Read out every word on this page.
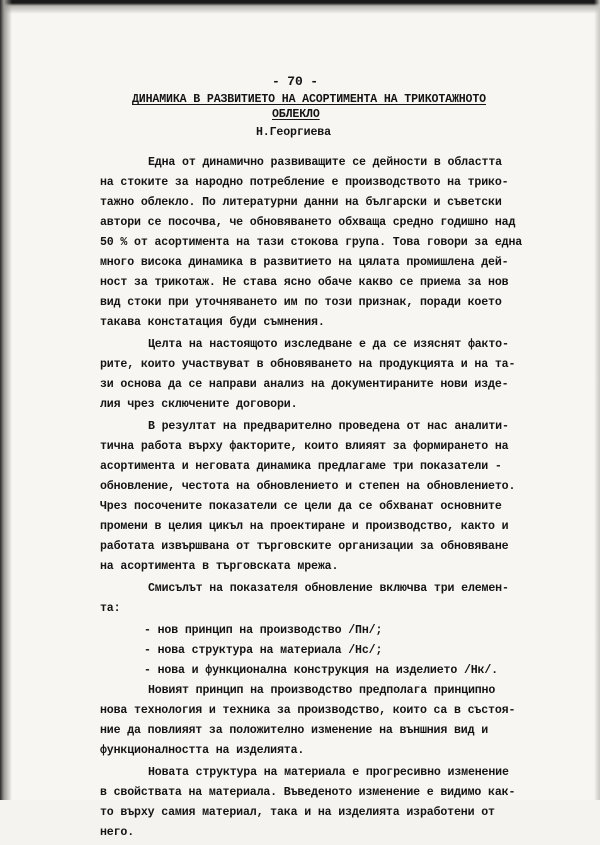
- 70 -
ДИНАМИКА В РАЗВИТИЕТО НА АСОРТИМЕНТА НА ТРИКОТАЖНОТО
ОБЛЕКЛО
Н.Георгиева
Една от динамично развиващите се дейности в областта
на стоките за народно потребление е производството на трико-
тажно облекло. По литературни данни на български и съветски
автори се посочва, че обновяването обхваща средно годишно над
50 % от асортимента на тази стокова група. Това говори за една
много висока динамика в развитието на цялата промишлена дей-
ност за трикотаж. Не става ясно обаче какво се приема за нов
вид стоки при уточняването им по този признак, поради което
такава констатация буди съмнения.
Целта на настоящото изследване е да се изяснят факто-
рите, които участвуват в обновяването на продукцията и на та-
зи основа да се направи анализ на документираните нови изде-
лия чрез сключените договори.
В резултат на предварително проведена от нас аналити-
тична работа върху факторите, които влияят за формирането на
асортимента и неговата динамика предлагаме три показатели -
обновление, честота на обновлението и степен на обновлението.
Чрез посочените показатели се цели да се обхванат основните
промени в целия цикъл на проектиране и производство, както и
работата извършвана от търговските организации за обновяване
на асортимента в търговската мрежа.
Смисълът на показателя обновление включва три елемен-
та:
- нов принцип на производство /Пн/;
- нова структура на материала /Нс/;
- нова и функционална конструкция на изделието /Нк/.
Новият принцип на производство предполага принципно
нова технология и техника за производство, които са в състоя-
ние да повлияят за положително изменение на външния вид и
функционалността на изделията.
Новата структура на материала е прогресивно изменение
в свойствата на материала. Въведеното изменение е видимо как-
то върху самия материал, така и на изделията изработени от
него.
